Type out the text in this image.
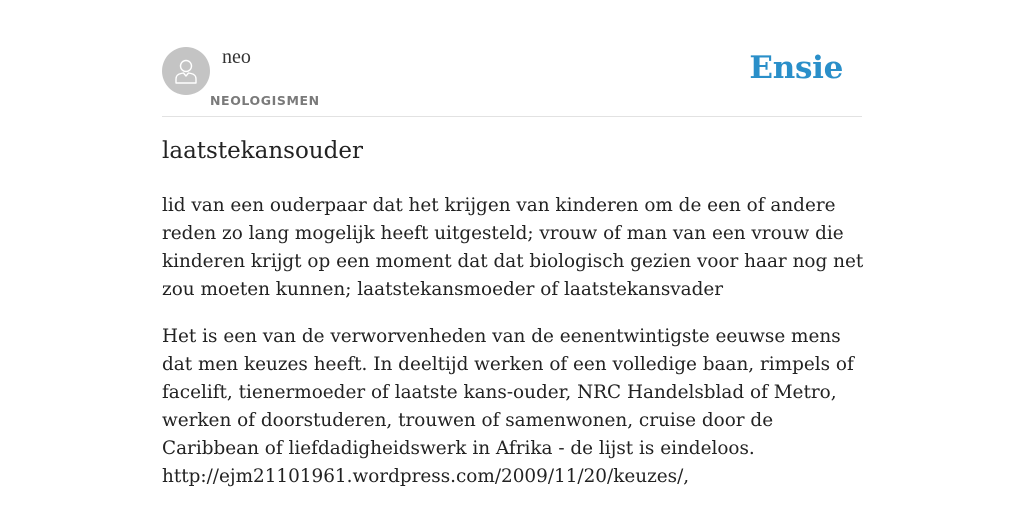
neo
NEOLOGISMEN
Ensie
laatstekansouder

lid van een ouderpaar dat het krijgen van kinderen om de een of andere reden zo lang mogelijk heeft uitgesteld; vrouw of man van een vrouw die kinderen krijgt op een moment dat dat biologisch gezien voor haar nog net zou moeten kunnen; laatstekansmoeder of laatstekansvader

Het is een van de verworvenheden van de eenentwintigste eeuwse mens dat men keuzes heeft. In deeltijd werken of een volledige baan, rimpels of facelift, tienermoeder of laatste kans-ouder, NRC Handelsblad of Metro, werken of doorstuderen, trouwen of samenwonen, cruise door de Caribbean of liefdadigheidswerk in Afrika - de lijst is eindeloos. http://ejm21101961.wordpress.com/2009/11/20/keuzes/,
